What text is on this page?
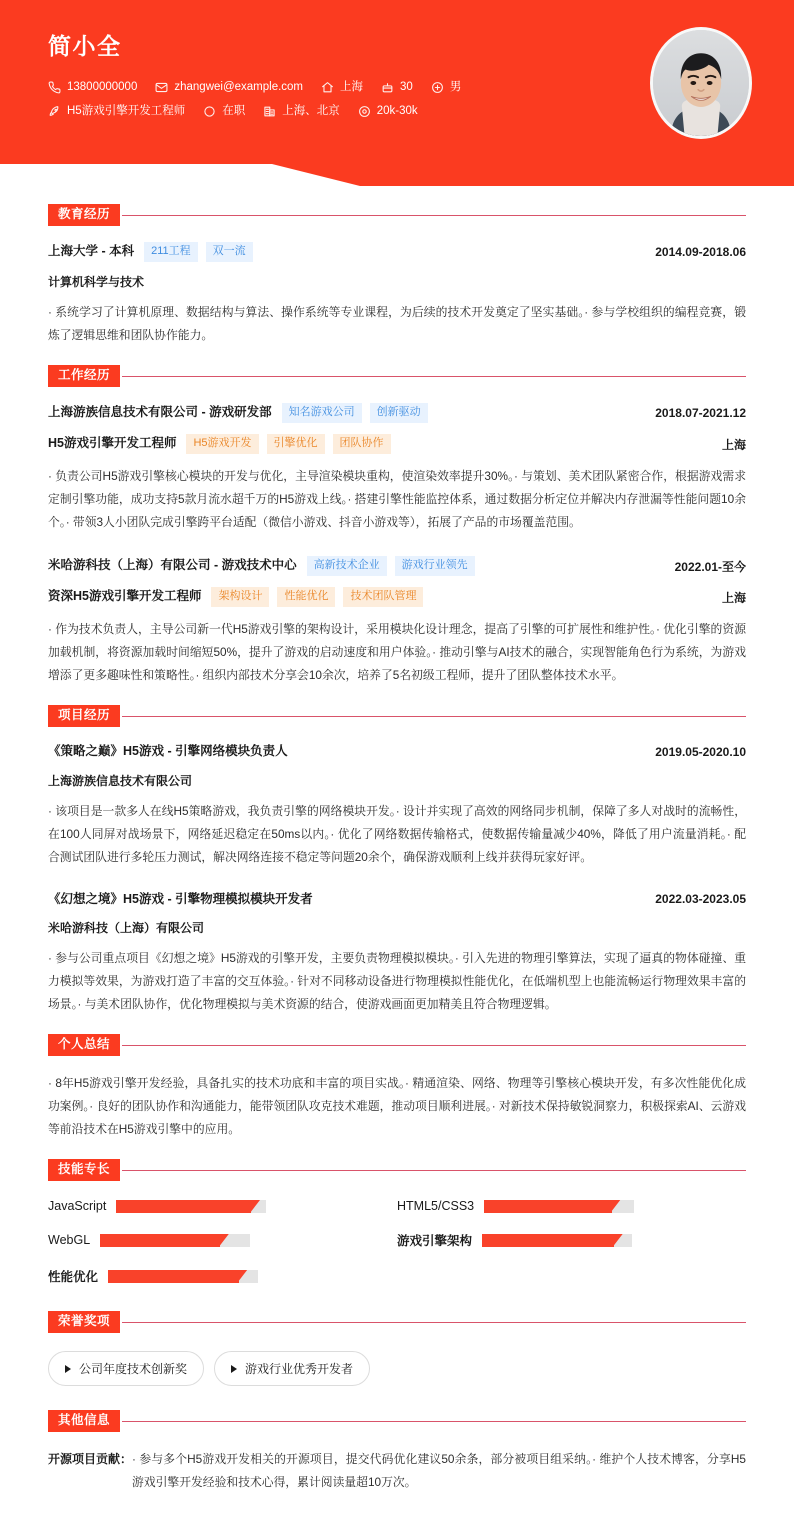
简小全
13800000000	zhangwei@example.com	上海	30	男
H5游戏引擎开发工程师	在职	上海、北京	20k-30k
教育经历
上海大学 - 本科	211工程	双一流	2014.09-2018.06
计算机科学与技术
· 系统学习了计算机原理、数据结构与算法、操作系统等专业课程，为后续的技术开发奠定了坚实基础。· 参与学校组织的编程竞赛，锻炼了逻辑思维和团队协作能力。
工作经历
上海游族信息技术有限公司 - 游戏研发部	知名游戏公司	创新驱动	2018.07-2021.12
H5游戏引擎开发工程师	H5游戏开发	引擎优化	团队协作	上海
· 负责公司H5游戏引擎核心模块的开发与优化，主导渲染模块重构，使渲染效率提升30%。· 与策划、美术团队紧密合作，根据游戏需求定制引擎功能，成功支持5款月流水超千万的H5游戏上线。· 搭建引擎性能监控体系，通过数据分析定位并解决内存泄漏等性能问题10余个。· 带领3人小团队完成引擎跨平台适配（微信小游戏、抖音小游戏等），拓展了产品的市场覆盖范围。
米哈游科技（上海）有限公司 - 游戏技术中心	高新技术企业	游戏行业领先	2022.01-至今
资深H5游戏引擎开发工程师	架构设计	性能优化	技术团队管理	上海
· 作为技术负责人，主导公司新一代H5游戏引擎的架构设计，采用模块化设计理念，提高了引擎的可扩展性和维护性。· 优化引擎的资源加载机制，将资源加载时间缩短50%，提升了游戏的启动速度和用户体验。· 推动引擎与AI技术的融合，实现智能角色行为系统，为游戏增添了更多趣味性和策略性。· 组织内部技术分享会10余次，培养了5名初级工程师，提升了团队整体技术水平。
项目经历
《策略之巅》H5游戏 - 引擎网络模块负责人	2019.05-2020.10
上海游族信息技术有限公司
· 该项目是一款多人在线H5策略游戏，我负责引擎的网络模块开发。· 设计并实现了高效的网络同步机制，保障了多人对战时的流畅性，在100人同屏对战场景下，网络延迟稳定在50ms以内。· 优化了网络数据传输格式，使数据传输量减少40%，降低了用户流量消耗。· 配合测试团队进行多轮压力测试，解决网络连接不稳定等问题20余个，确保游戏顺利上线并获得玩家好评。
《幻想之境》H5游戏 - 引擎物理模拟模块开发者	2022.03-2023.05
米哈游科技（上海）有限公司
· 参与公司重点项目《幻想之境》H5游戏的引擎开发，主要负责物理模拟模块。· 引入先进的物理引擎算法，实现了逼真的物体碰撞、重力模拟等效果，为游戏打造了丰富的交互体验。· 针对不同移动设备进行物理模拟性能优化，在低端机型上也能流畅运行物理效果丰富的场景。· 与美术团队协作，优化物理模拟与美术资源的结合，使游戏画面更加精美且符合物理逻辑。
个人总结
· 8年H5游戏引擎开发经验，具备扎实的技术功底和丰富的项目实战。· 精通渲染、网络、物理等引擎核心模块开发，有多次性能优化成功案例。· 良好的团队协作和沟通能力，能带领团队攻克技术难题，推动项目顺利进展。· 对新技术保持敏锐洞察力，积极探索AI、云游戏等前沿技术在H5游戏引擎中的应用。
技能专长
JavaScript	HTML5/CSS3
WebGL	游戏引擎架构
性能优化
荣誉奖项
公司年度技术创新奖	游戏行业优秀开发者
其他信息
开源项目贡献： · 参与多个H5游戏开发相关的开源项目，提交代码优化建议50余条，部分被项目组采纳。· 维护个人技术博客，分享H5游戏引擎开发经验和技术心得，累计阅读量超10万次。
